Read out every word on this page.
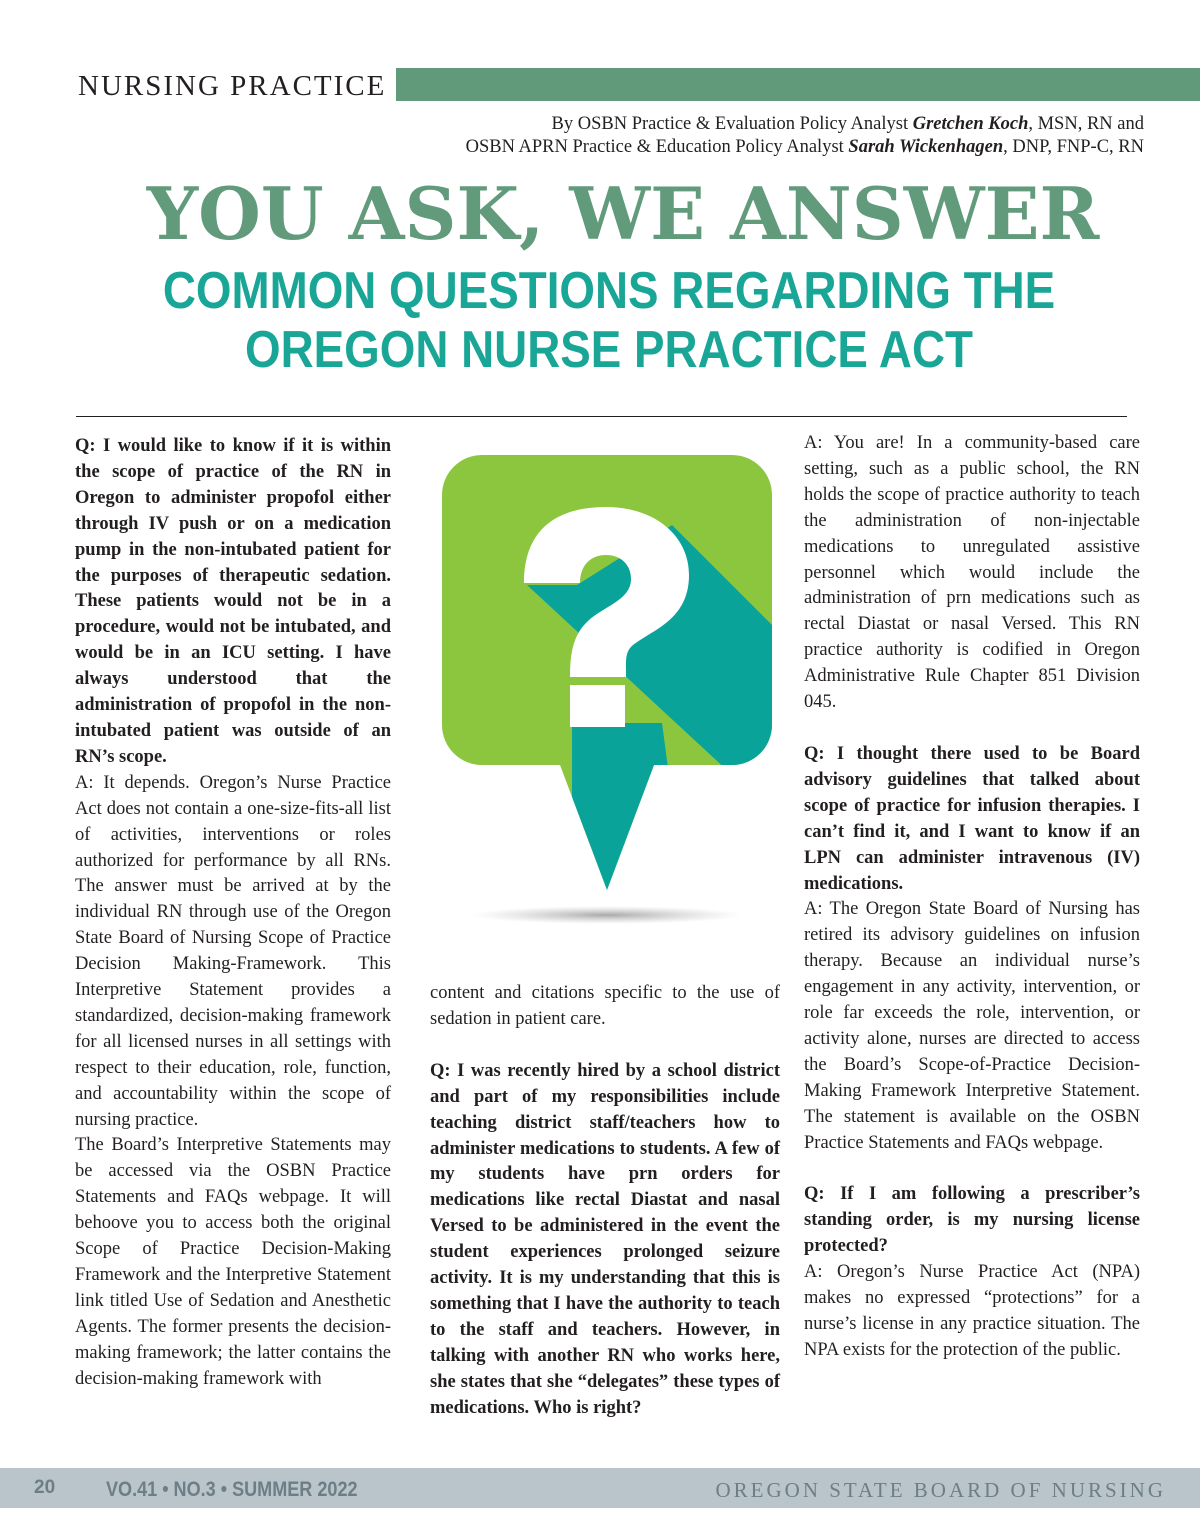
NURSING PRACTICE
By OSBN Practice & Evaluation Policy Analyst Gretchen Koch, MSN, RN and
OSBN APRN Practice & Education Policy Analyst Sarah Wickenhagen, DNP, FNP-C, RN
YOU ASK, WE ANSWER
COMMON QUESTIONS REGARDING THE
OREGON NURSE PRACTICE ACT

Q: I would like to know if it is within the scope of practice of the RN in Oregon to administer propofol either through IV push or on a medication pump in the non-intubated patient for the purposes of therapeutic sedation. These patients would not be in a procedure, would not be intubated, and would be in an ICU setting. I have always understood that the administration of propofol in the non-intubated patient was outside of an RN’s scope.

A: It depends. Oregon’s Nurse Practice Act does not contain a one-size-fits-all list of activities, interventions or roles authorized for performance by all RNs. The answer must be arrived at by the individual RN through use of the Oregon State Board of Nursing Scope of Practice Decision Making-Framework. This Interpretive Statement provides a standardized, decision-making framework for all licensed nurses in all settings with respect to their education, role, function, and accountability within the scope of nursing practice.

The Board’s Interpretive Statements may be accessed via the OSBN Practice Statements and FAQs webpage. It will behoove you to access both the original Scope of Practice Decision-Making Framework and the Interpretive Statement link titled Use of Sedation and Anesthetic Agents. The former presents the decision-making framework; the latter contains the decision-making framework with

content and citations specific to the use of sedation in patient care.

Q: I was recently hired by a school district and part of my responsibilities include teaching district staff/teachers how to administer medications to students. A few of my students have prn orders for medications like rectal Diastat and nasal Versed to be administered in the event the student experiences prolonged seizure activity. It is my understanding that this is something that I have the authority to teach to the staff and teachers. However, in talking with another RN who works here, she states that she “delegates” these types of medications. Who is right?

A: You are! In a community-based care setting, such as a public school, the RN holds the scope of practice authority to teach the administration of non-injectable medications to unregulated assistive personnel which would include the administration of prn medications such as rectal Diastat or nasal Versed. This RN practice authority is codified in Oregon Administrative Rule Chapter 851 Division 045.

Q: I thought there used to be Board advisory guidelines that talked about scope of practice for infusion therapies. I can’t find it, and I want to know if an LPN can administer intravenous (IV) medications.

A: The Oregon State Board of Nursing has retired its advisory guidelines on infusion therapy. Because an individual nurse’s engagement in any activity, intervention, or role far exceeds the role, intervention, or activity alone, nurses are directed to access the Board’s Scope-of-Practice Decision-Making Framework Interpretive Statement. The statement is available on the OSBN Practice Statements and FAQs webpage.

Q: If I am following a prescriber’s standing order, is my nursing license protected?

A: Oregon’s Nurse Practice Act (NPA) makes no expressed “protections” for a nurse’s license in any practice situation. The NPA exists for the protection of the public.

20 VO.41 • NO.3 • SUMMER 2022	OREGON STATE BOARD OF NURSING
